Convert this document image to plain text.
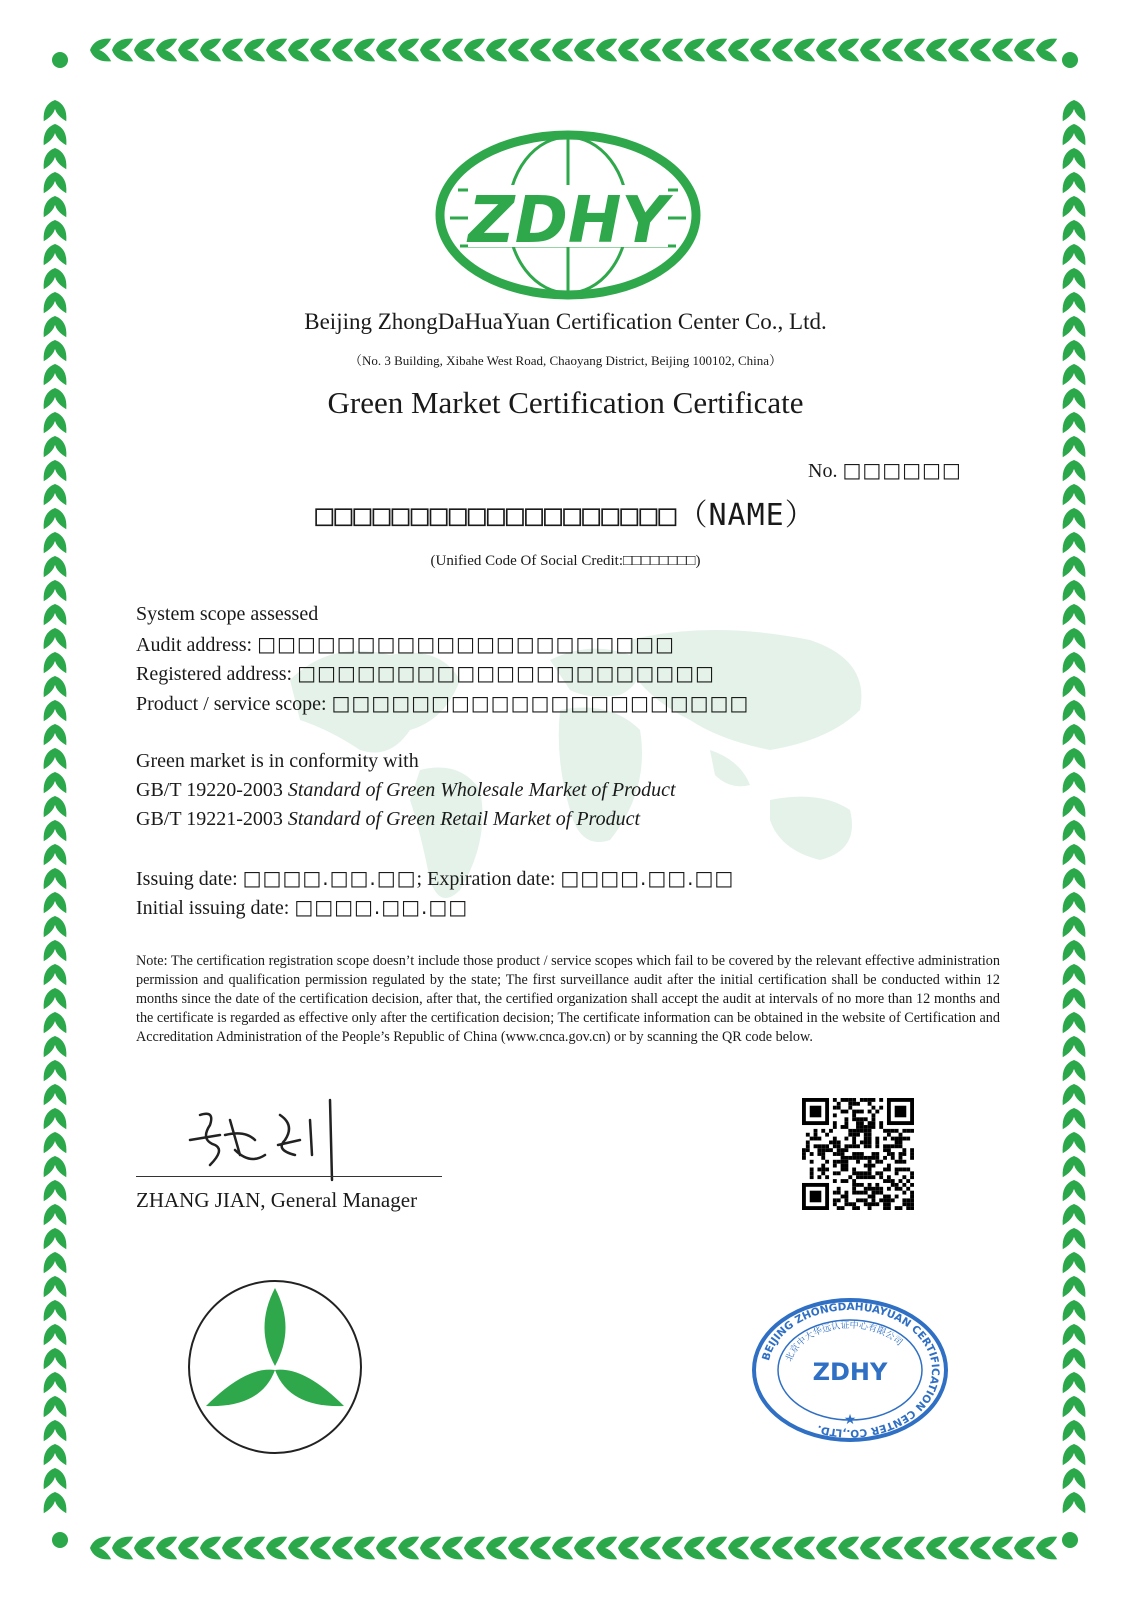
ZDHY
Beijing ZhongDaHuaYuan Certification Center Co., Ltd.
（No. 3 Building, Xibahe West Road, Chaoyang District, Beijing 100102, China）
Green Market Certification Certificate
No. □□□□□□
□□□□□□□□□□□□□□□□□□□（NAME）
(Unified Code Of Social Credit:□□□□□□□□)
System scope assessed
Audit address: □□□□□□□□□□□□□□□□□□□□□
Registered address: □□□□□□□□□□□□□□□□□□□□□
Product / service scope: □□□□□□□□□□□□□□□□□□□□□
Green market is in conformity with
GB/T 19220-2003 Standard of Green Wholesale Market of Product
GB/T 19221-2003 Standard of Green Retail Market of Product
Issuing date: □□□□.□□.□□; Expiration date: □□□□.□□.□□
Initial issuing date: □□□□.□□.□□
Note: The certification registration scope doesn’t include those product / service scopes which fail to be covered by the relevant effective administration permission and qualification permission regulated by the state; The first surveillance audit after the initial certification shall be conducted within 12 months since the date of the certification decision, after that, the certified organization shall accept the audit at intervals of no more than 12 months and the certificate is regarded as effective only after the certification decision; The certificate information can be obtained in the website of Certification and Accreditation Administration of the People’s Republic of China (www.cnca.gov.cn) or by scanning the QR code below.
ZHANG JIAN, General Manager
BEIJING ZHONGDAHUAYUAN CERTIFICATION CENTER CO.,LTD.
北京中大华远认证中心有限公司
ZDHY
★
